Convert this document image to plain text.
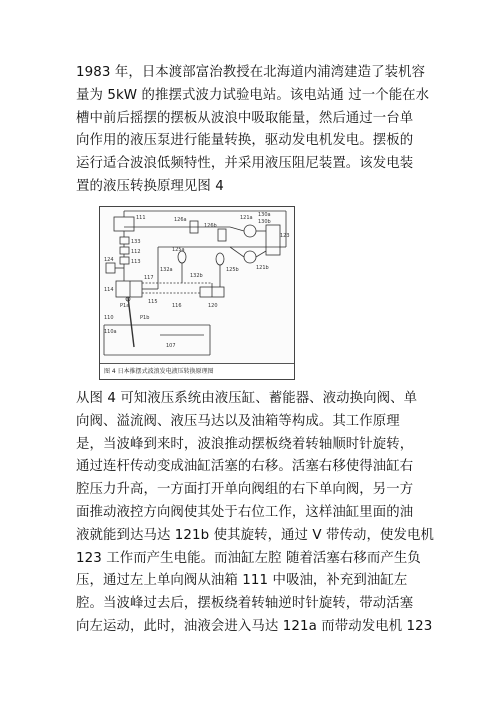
1983 年，日本渡部富治教授在北海道内浦湾建造了装机容
量为 5kW 的推摆式波力试验电站。该电站通 过一个能在水
槽中前后摇摆的摆板从波浪中吸取能量，然后通过一台单
向作用的液压泵进行能量转换，驱动发电机发电。摆板的
运行适合波浪低频特性，并采用液压阻尼装置。该发电装
置的液压转换原理见图 4
111
133
112
113
124
126a
126b
125a
125b
121a 130a
130b
123
121b
132a
132b
117
114
115
116	120
P1a
P1b
110
110a
107
图 4 日本推摆式波浪发电液压转换原理图
从图 4 可知液压系统由液压缸、蓄能器、液动换向阀、单
向阀、溢流阀、液压马达以及油箱等构成。其工作原理
是，当波峰到来时，波浪推动摆板绕着转轴顺时针旋转，
通过连杆传动变成油缸活塞的右移。活塞右移使得油缸右
腔压力升高，一方面打开单向阀组的右下单向阀，另一方
面推动液控方向阀使其处于右位工作，这样油缸里面的油
液就能到达马达 121b 使其旋转，通过 V 带传动，使发电机
123 工作而产生电能。而油缸左腔 随着活塞右移而产生负
压，通过左上单向阀从油箱 111 中吸油，补充到油缸左
腔。当波峰过去后，摆板绕着转轴逆时针旋转，带动活塞
向左运动，此时，油液会进入马达 121a 而带动发电机 123
